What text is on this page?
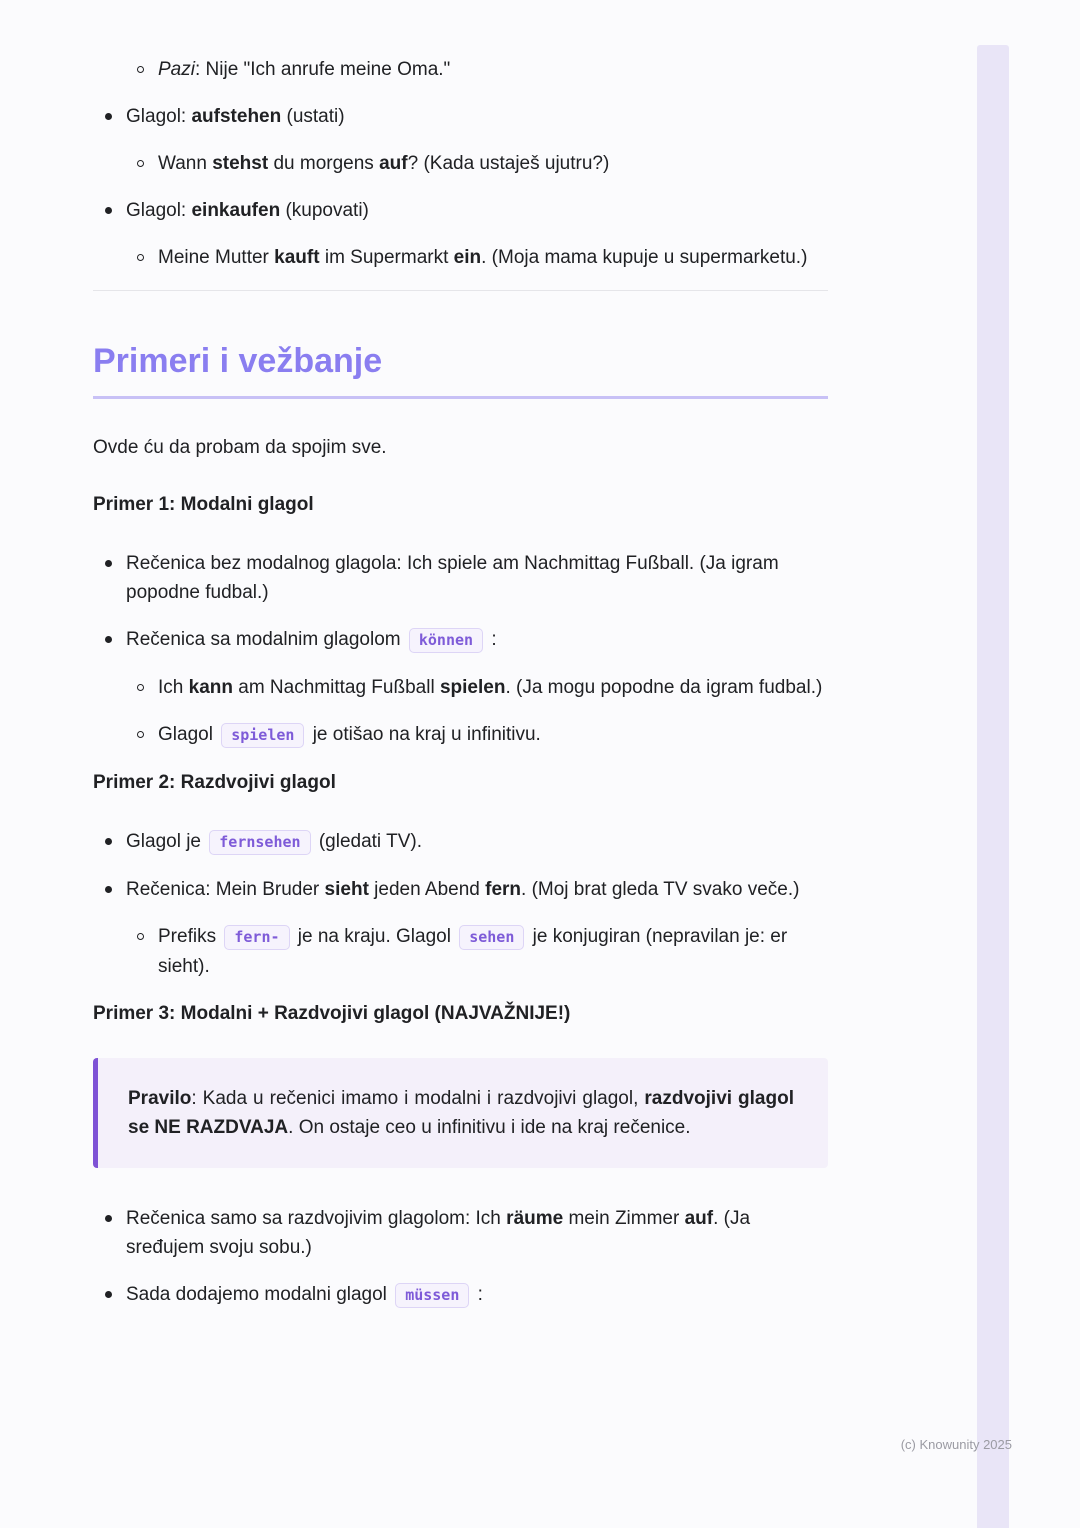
Pazi: Nije "Ich anrufe meine Oma."
Glagol: aufstehen (ustati)
Wann stehst du morgens auf? (Kada ustaješ ujutru?)
Glagol: einkaufen (kupovati)
Meine Mutter kauft im Supermarkt ein. (Moja mama kupuje u supermarketu.)
Primeri i vežbanje

Ovde ću da probam da spojim sve.

Primer 1: Modalni glagol

Rečenica bez modalnog glagola: Ich spiele am Nachmittag Fußball. (Ja igram popodne fudbal.)
Rečenica sa modalnim glagolom können :
Ich kann am Nachmittag Fußball spielen. (Ja mogu popodne da igram fudbal.)
Glagol spielen je otišao na kraj u infinitivu.

Primer 2: Razdvojivi glagol

Glagol je fernsehen (gledati TV).
Rečenica: Mein Bruder sieht jeden Abend fern. (Moj brat gleda TV svako veče.)
Prefiks fern- je na kraju. Glagol sehen je konjugiran (nepravilan je: er sieht).

Primer 3: Modalni + Razdvojivi glagol (NAJVAŽNIJE!)

Pravilo: Kada u rečenici imamo i modalni i razdvojivi glagol, razdvojivi glagol se NE RAZDVAJA. On ostaje ceo u infinitivu i ide na kraj rečenice.
Rečenica samo sa razdvojivim glagolom: Ich räume mein Zimmer auf. (Ja sređujem svoju sobu.)
Sada dodajemo modalni glagol müssen :
(c) Knowunity 2025
